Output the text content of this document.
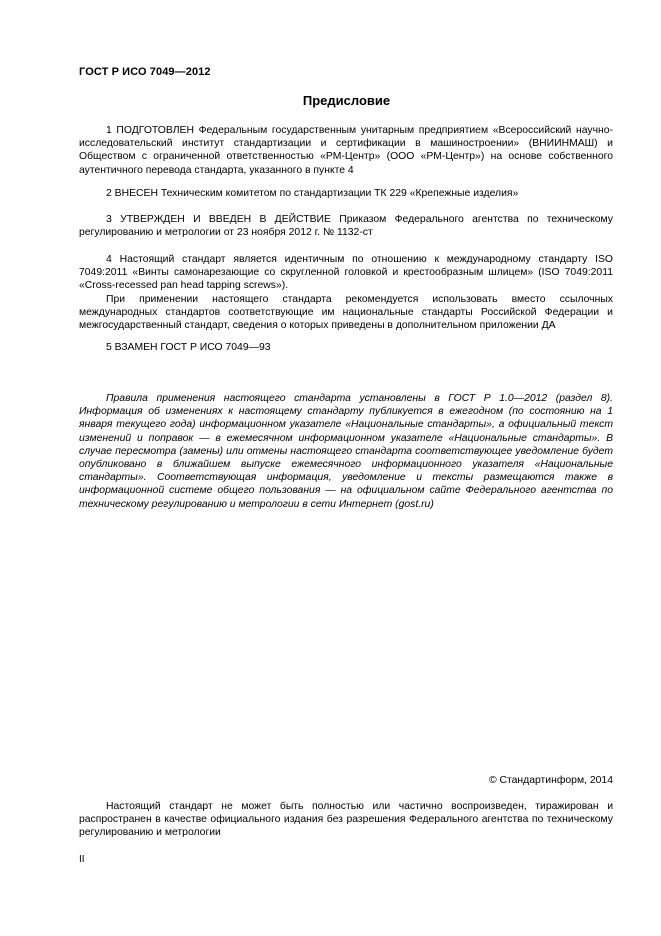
ГОСТ Р ИСО 7049—2012
Предисловие

1 ПОДГОТОВЛЕН Федеральным государственным унитарным предприятием «Всероссийский научно-исследовательский институт стандартизации и сертификации в машиностроении» (ВНИИНМАШ) и Обществом с ограниченной ответственностью «РМ-Центр» (ООО «РМ-Центр») на основе собственного аутентичного перевода стандарта, указанного в пункте 4

2 ВНЕСЕН Техническим комитетом по стандартизации ТК 229 «Крепежные изделия»

3 УТВЕРЖДЕН И ВВЕДЕН В ДЕЙСТВИЕ Приказом Федерального агентства по техническому регулированию и метрологии от 23 ноября 2012 г. № 1132-ст

4 Настоящий стандарт является идентичным по отношению к международному стандарту ISO 7049:2011 «Винты самонарезающие со скругленной головкой и крестообразным шлицем» (ISO 7049:2011 «Cross-recessed pan head tapping screws»).

При применении настоящего стандарта рекомендуется использовать вместо ссылочных международных стандартов соответствующие им национальные стандарты Российской Федерации и межгосударственный стандарт, сведения о которых приведены в дополнительном приложении ДА

5 ВЗАМЕН ГОСТ Р ИСО 7049—93

Правила применения настоящего стандарта установлены в ГОСТ Р 1.0—2012 (раздел 8). Информация об изменениях к настоящему стандарту публикуется в ежегодном (по состоянию на 1 января текущего года) информационном указателе «Национальные стандарты», а официальный текст изменений и поправок — в ежемесячном информационном указателе «Национальные стандарты». В случае пересмотра (замены) или отмены настоящего стандарта соответствующее уведомление будет опубликовано в ближайшем выпуске ежемесячного информационного указателя «Национальные стандарты». Соответствующая информация, уведомление и тексты размещаются также в информационной системе общего пользования — на официальном сайте Федерального агентства по техническому регулированию и метрологии в сети Интернет (gost.ru)

© Стандартинформ, 2014

Настоящий стандарт не может быть полностью или частично воспроизведен, тиражирован и распространен в качестве официального издания без разрешения Федерального агентства по техническому регулированию и метрологии

II
